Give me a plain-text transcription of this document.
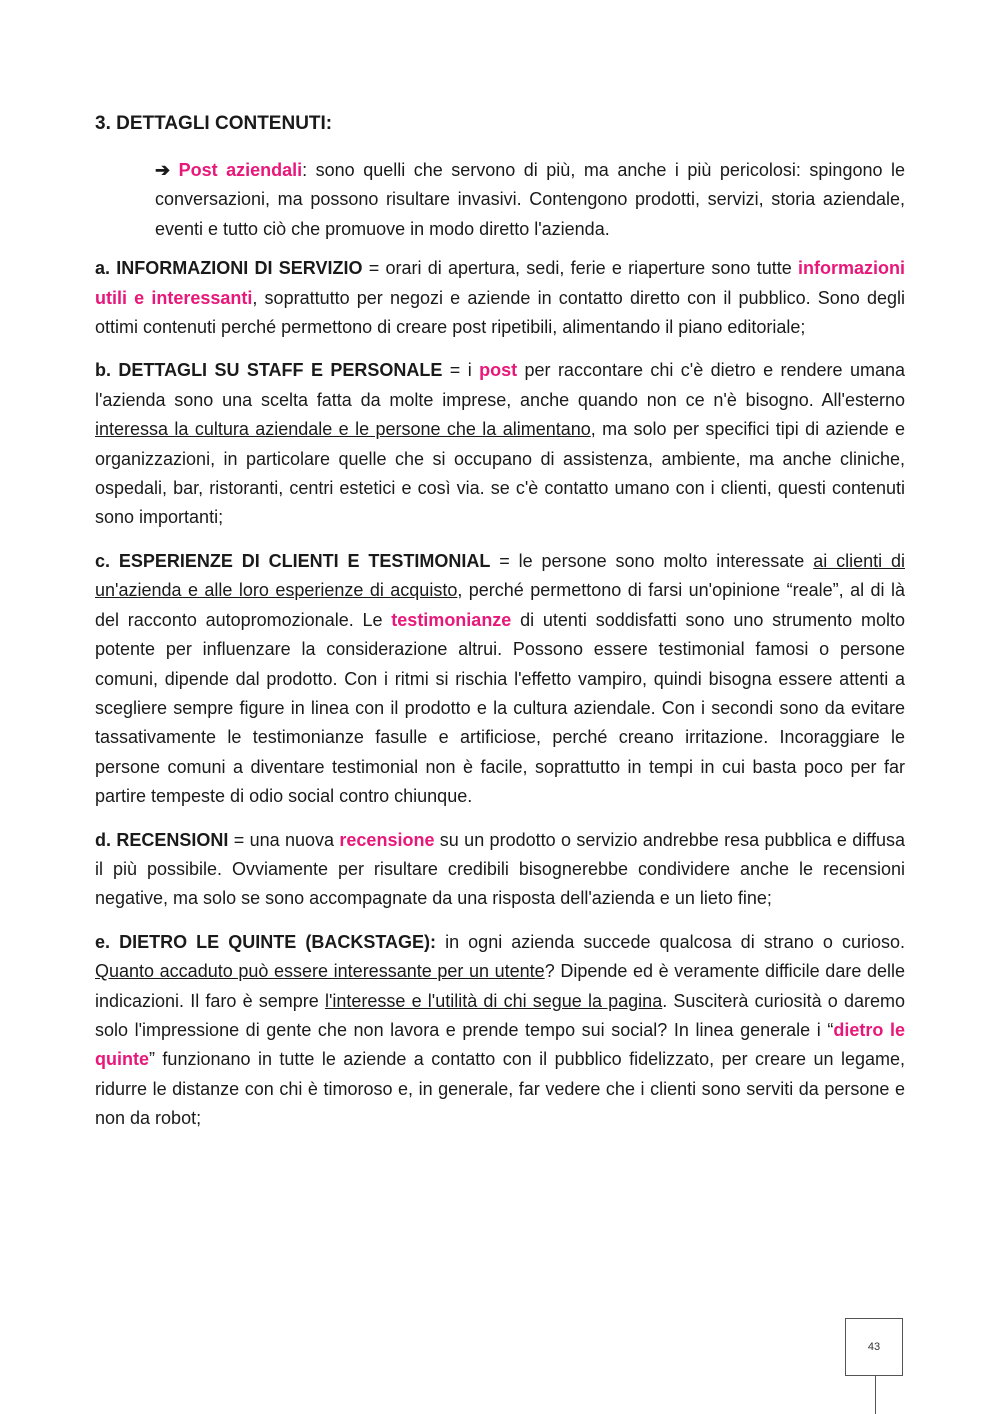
3. DETTAGLI CONTENUTI:

➔ Post aziendali: sono quelli che servono di più, ma anche i più pericolosi: spingono le conversazioni, ma possono risultare invasivi. Contengono prodotti, servizi, storia aziendale, eventi e tutto ciò che promuove in modo diretto l'azienda.

a. INFORMAZIONI DI SERVIZIO = orari di apertura, sedi, ferie e riaperture sono tutte informazioni utili e interessanti, soprattutto per negozi e aziende in contatto diretto con il pubblico. Sono degli ottimi contenuti perché permettono di creare post ripetibili, alimentando il piano editoriale;

b. DETTAGLI SU STAFF E PERSONALE = i post per raccontare chi c'è dietro e rendere umana l'azienda sono una scelta fatta da molte imprese, anche quando non ce n'è bisogno. All'esterno interessa la cultura aziendale e le persone che la alimentano, ma solo per specifici tipi di aziende e organizzazioni, in particolare quelle che si occupano di assistenza, ambiente, ma anche cliniche, ospedali, bar, ristoranti, centri estetici e così via. se c'è contatto umano con i clienti, questi contenuti sono importanti;

c. ESPERIENZE DI CLIENTI E TESTIMONIAL = le persone sono molto interessate ai clienti di un'azienda e alle loro esperienze di acquisto, perché permettono di farsi un'opinione “reale”, al di là del racconto autopromozionale. Le testimonianze di utenti soddisfatti sono uno strumento molto potente per influenzare la considerazione altrui. Possono essere testimonial famosi o persone comuni, dipende dal prodotto. Con i ritmi si rischia l'effetto vampiro, quindi bisogna essere attenti a scegliere sempre figure in linea con il prodotto e la cultura aziendale. Con i secondi sono da evitare tassativamente le testimonianze fasulle e artificiose, perché creano irritazione. Incoraggiare le persone comuni a diventare testimonial non è facile, soprattutto in tempi in cui basta poco per far partire tempeste di odio social contro chiunque.

d. RECENSIONI = una nuova recensione su un prodotto o servizio andrebbe resa pubblica e diffusa il più possibile. Ovviamente per risultare credibili bisognerebbe condividere anche le recensioni negative, ma solo se sono accompagnate da una risposta dell'azienda e un lieto fine;

e. DIETRO LE QUINTE (BACKSTAGE): in ogni azienda succede qualcosa di strano o curioso. Quanto accaduto può essere interessante per un utente? Dipende ed è veramente difficile dare delle indicazioni. Il faro è sempre l'interesse e l'utilità di chi segue la pagina. Susciterà curiosità o daremo solo l'impressione di gente che non lavora e prende tempo sui social? In linea generale i “dietro le quinte” funzionano in tutte le aziende a contatto con il pubblico fidelizzato, per creare un legame, ridurre le distanze con chi è timoroso e, in generale, far vedere che i clienti sono serviti da persone e non da robot;

43
